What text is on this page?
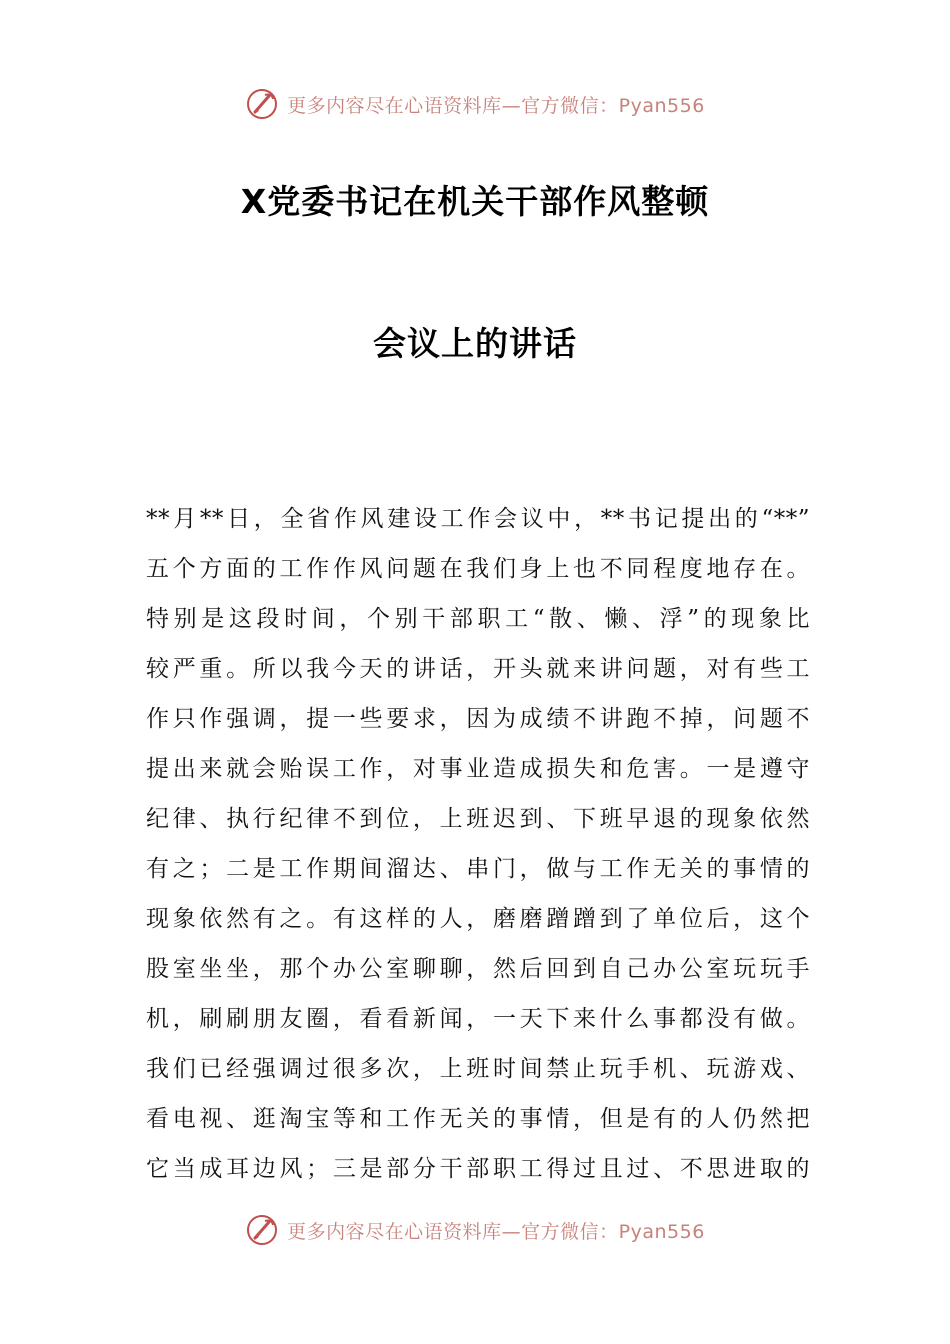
更多内容尽在心语资料库—官方微信：Pyan556
X党委书记在机关干部作风整顿
会议上的讲话
**月**日，全省作风建设工作会议中，**书记提出的“**”
五个方面的工作作风问题在我们身上也不同程度地存在。
特别是这段时间，个别干部职工“散、懒、浮”的现象比
较严重。所以我今天的讲话，开头就来讲问题，对有些工
作只作强调，提一些要求，因为成绩不讲跑不掉，问题不
提出来就会贻误工作，对事业造成损失和危害。一是遵守
纪律、执行纪律不到位，上班迟到、下班早退的现象依然
有之；二是工作期间溜达、串门，做与工作无关的事情的
现象依然有之。有这样的人，磨磨蹭蹭到了单位后，这个
股室坐坐，那个办公室聊聊，然后回到自己办公室玩玩手
机，刷刷朋友圈，看看新闻，一天下来什么事都没有做。
我们已经强调过很多次，上班时间禁止玩手机、玩游戏、
看电视、逛淘宝等和工作无关的事情，但是有的人仍然把
它当成耳边风；三是部分干部职工得过且过、不思进取的
更多内容尽在心语资料库—官方微信：Pyan556
